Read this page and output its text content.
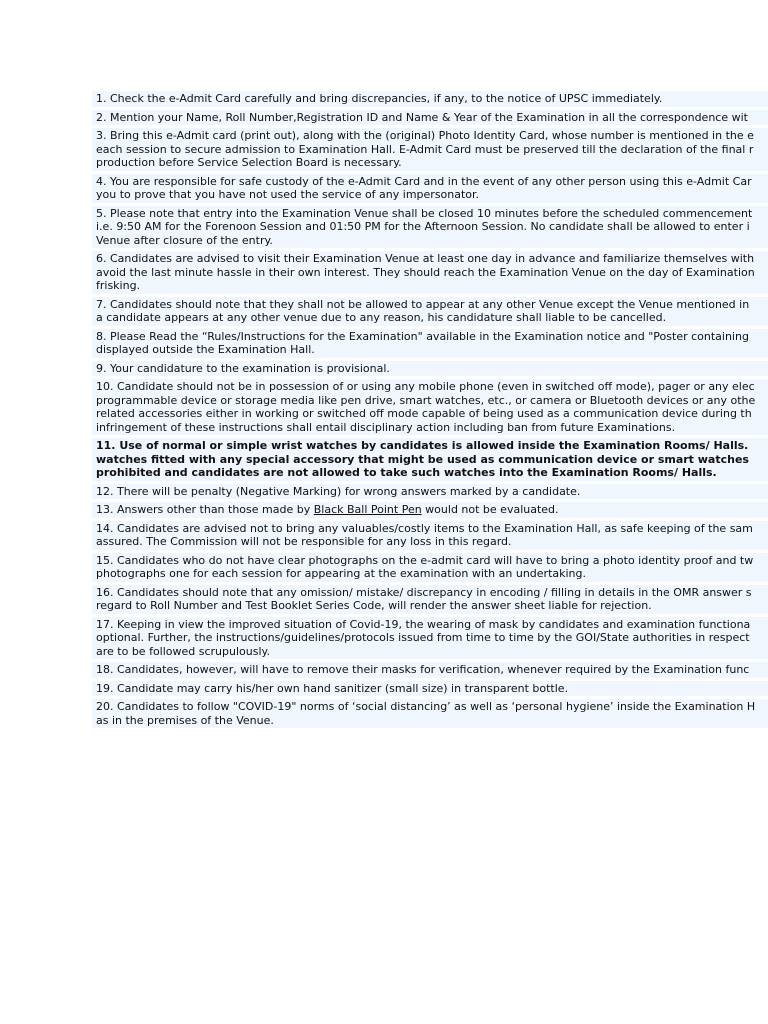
1. Check the e-Admit Card carefully and bring discrepancies, if any, to the notice of UPSC immediately.
2. Mention your Name, Roll Number,Registration ID and Name & Year of the Examination in all the correspondence wit
3. Bring this e-Admit card (print out), along with the (original) Photo Identity Card, whose number is mentioned in the e
each session to secure admission to Examination Hall. E-Admit Card must be preserved till the declaration of the final r
production before Service Selection Board is necessary.
4. You are responsible for safe custody of the e-Admit Card and in the event of any other person using this e-Admit Car
you to prove that you have not used the service of any impersonator.
5. Please note that entry into the Examination Venue shall be closed 10 minutes before the scheduled commencement
i.e. 9:50 AM for the Forenoon Session and 01:50 PM for the Afternoon Session. No candidate shall be allowed to enter i
Venue after closure of the entry.
6. Candidates are advised to visit their Examination Venue at least one day in advance and familiarize themselves with
avoid the last minute hassle in their own interest. They should reach the Examination Venue on the day of Examination
frisking.
7. Candidates should note that they shall not be allowed to appear at any other Venue except the Venue mentioned in
a candidate appears at any other venue due to any reason, his candidature shall liable to be cancelled.
8. Please Read the “Rules/Instructions for the Examination" available in the Examination notice and "Poster containing
displayed outside the Examination Hall.
9. Your candidature to the examination is provisional.
10. Candidate should not be in possession of or using any mobile phone (even in switched off mode), pager or any elec
programmable device or storage media like pen drive, smart watches, etc., or camera or Bluetooth devices or any othe
related accessories either in working or switched off mode capable of being used as a communication device during th
infringement of these instructions shall entail disciplinary action including ban from future Examinations.
11. Use of normal or simple wrist watches by candidates is allowed inside the Examination Rooms/ Halls.
watches fitted with any special accessory that might be used as communication device or smart watches
prohibited and candidates are not allowed to take such watches into the Examination Rooms/ Halls.
12. There will be penalty (Negative Marking) for wrong answers marked by a candidate.
13. Answers other than those made by Black Ball Point Pen would not be evaluated.
14. Candidates are advised not to bring any valuables/costly items to the Examination Hall, as safe keeping of the sam
assured. The Commission will not be responsible for any loss in this regard.
15. Candidates who do not have clear photographs on the e-admit card will have to bring a photo identity proof and tw
photographs one for each session for appearing at the examination with an undertaking.
16. Candidates should note that any omission/ mistake/ discrepancy in encoding / filling in details in the OMR answer s
regard to Roll Number and Test Booklet Series Code, will render the answer sheet liable for rejection.
17. Keeping in view the improved situation of Covid-19, the wearing of mask by candidates and examination functiona
optional. Further, the instructions/guidelines/protocols issued from time to time by the GOI/State authorities in respect
are to be followed scrupulously.
18. Candidates, however, will have to remove their masks for verification, whenever required by the Examination func
19. Candidate may carry his/her own hand sanitizer (small size) in transparent bottle.
20. Candidates to follow "COVID-19" norms of ‘social distancing’ as well as ‘personal hygiene’ inside the Examination H
as in the premises of the Venue.
